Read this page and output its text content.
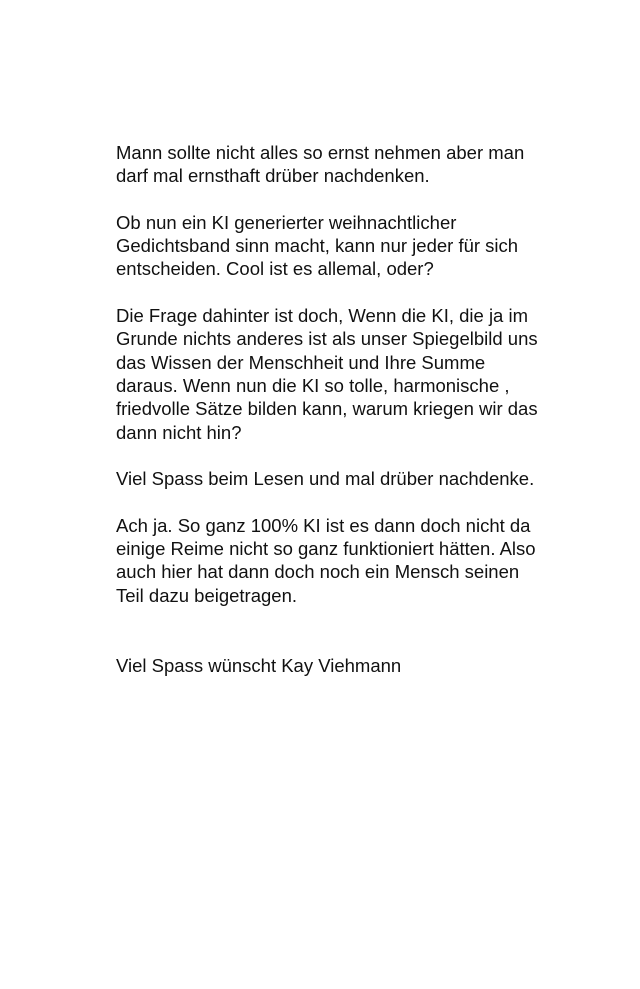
Mann sollte nicht alles so ernst nehmen aber man
darf mal ernsthaft drüber nachdenken.

Ob nun ein KI generierter weihnachtlicher
Gedichtsband sinn macht, kann nur jeder für sich
entscheiden. Cool ist es allemal, oder?

Die Frage dahinter ist doch, Wenn die KI, die ja im
Grunde nichts anderes ist als unser Spiegelbild uns
das Wissen der Menschheit und Ihre Summe
daraus. Wenn nun die KI so tolle, harmonische ,
friedvolle Sätze bilden kann, warum kriegen wir das
dann nicht hin?

Viel Spass beim Lesen und mal drüber nachdenke.

Ach ja. So ganz 100% KI ist es dann doch nicht da
einige Reime nicht so ganz funktioniert hätten. Also
auch hier hat dann doch noch ein Mensch seinen
Teil dazu beigetragen.

Viel Spass wünscht Kay Viehmann
